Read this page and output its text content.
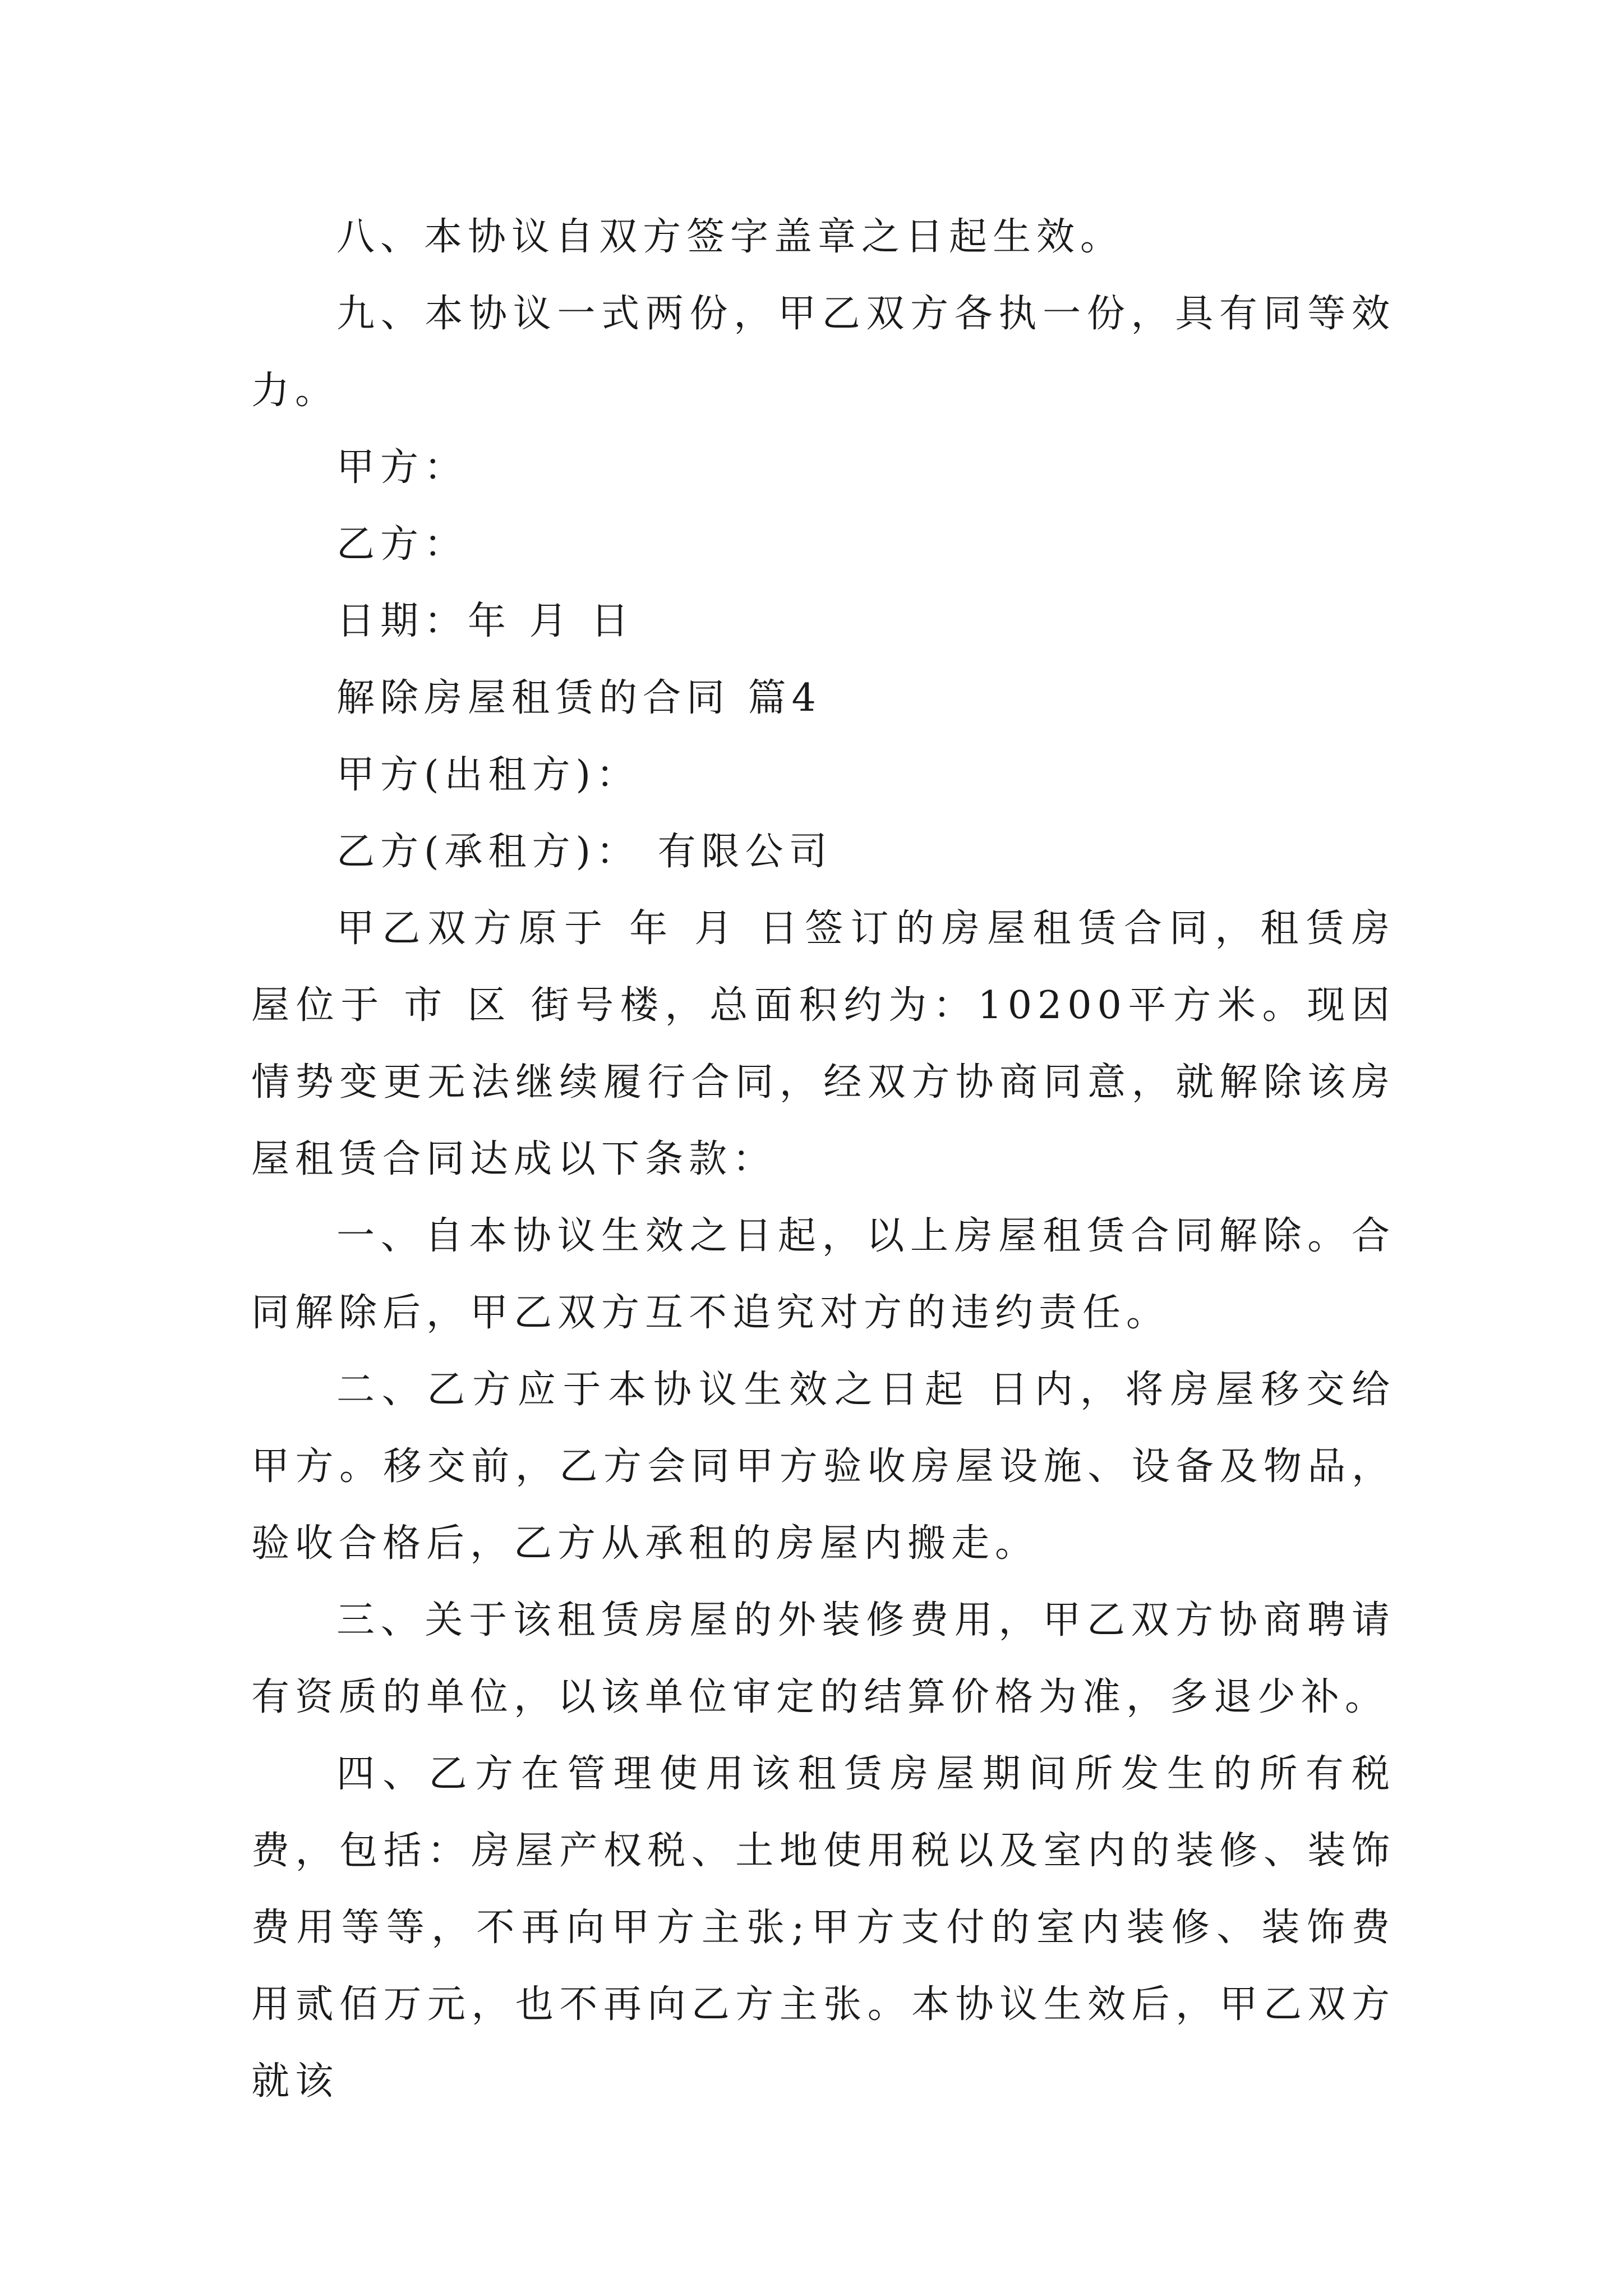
八、本协议自双方签字盖章之日起生效。

九、本协议一式两份，甲乙双方各执一份，具有同等效力。

甲方：

乙方：

日期：年 月 日

解除房屋租赁的合同 篇4

甲方(出租方)：

乙方(承租方)： 有限公司

甲乙双方原于 年 月 日签订的房屋租赁合同，租赁房屋位于 市 区 街号楼，总面积约为：10200平方米。现因情势变更无法继续履行合同，经双方协商同意，就解除该房屋租赁合同达成以下条款：

一、自本协议生效之日起，以上房屋租赁合同解除。合同解除后，甲乙双方互不追究对方的违约责任。

二、乙方应于本协议生效之日起 日内，将房屋移交给甲方。移交前，乙方会同甲方验收房屋设施、设备及物品，验收合格后，乙方从承租的房屋内搬走。

三、关于该租赁房屋的外装修费用，甲乙双方协商聘请有资质的单位，以该单位审定的结算价格为准，多退少补。

四、乙方在管理使用该租赁房屋期间所发生的所有税费，包括：房屋产权税、土地使用税以及室内的装修、装饰费用等等，不再向甲方主张;甲方支付的室内装修、装饰费用贰佰万元，也不再向乙方主张。本协议生效后，甲乙双方就该
